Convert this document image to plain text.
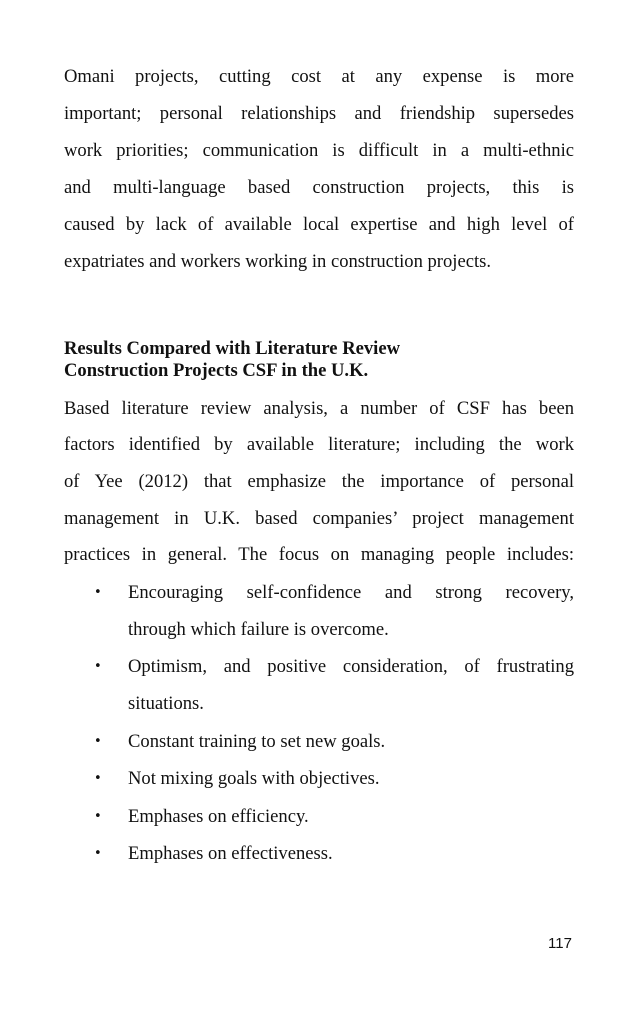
Omani projects, cutting cost at any expense is more
important; personal relationships and friendship supersedes
work priorities; communication is difficult in a multi-ethnic
and multi-language based construction projects, this is
caused by lack of available local expertise and high level of
expatriates and workers working in construction projects.
Results Compared with Literature Review
Construction Projects CSF in the U.K.
Based literature review analysis, a number of CSF has been
factors identified by available literature; including the work
of Yee (2012) that emphasize the importance of personal
management in U.K. based companies’ project management
practices in general. The focus on managing people includes:
•	Encouraging self-confidence and strong recovery,
through which failure is overcome.
•	Optimism, and positive consideration, of frustrating
situations.
•	Constant training to set new goals.
•	Not mixing goals with objectives.
•	Emphases on efficiency.
•	Emphases on effectiveness.
117
